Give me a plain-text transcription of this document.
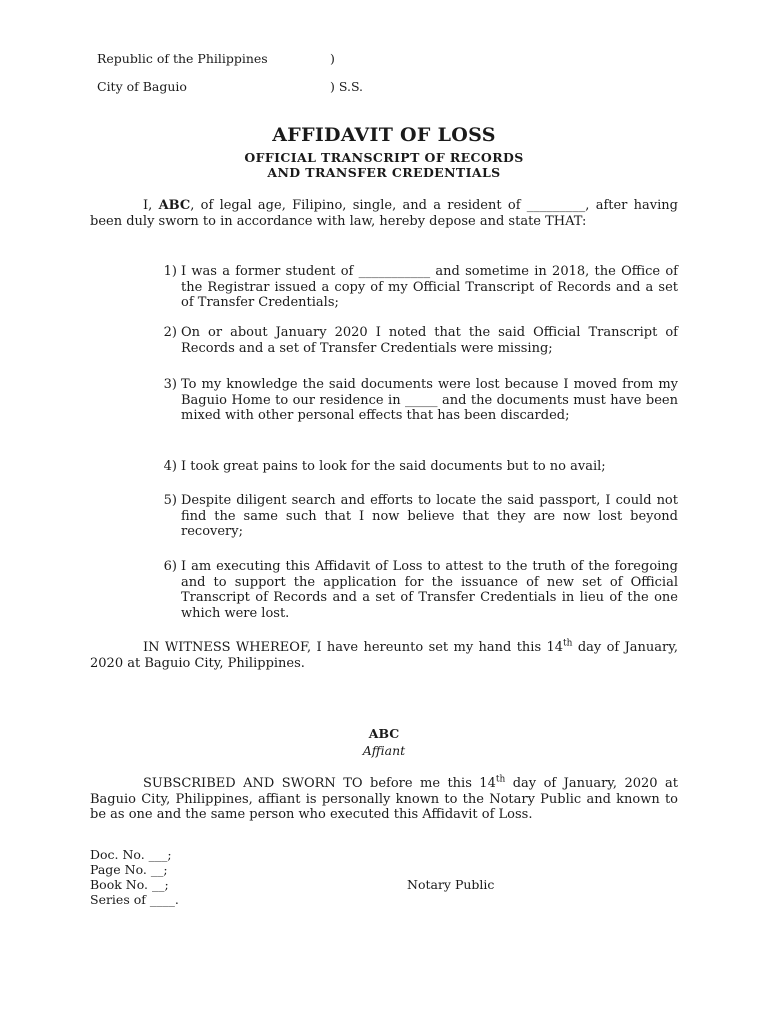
Republic of the Philippines	)
City of Baguio	) S.S.
AFFIDAVIT OF LOSS
OFFICIAL TRANSCRIPT OF RECORDS
AND TRANSFER CREDENTIALS
I, ABC, of legal age, Filipino, single, and a resident of _________, after having been duly sworn to in accordance with law, hereby depose and state THAT:
1) I was a former student of ___________ and sometime in 2018, the Office of the Registrar issued a copy of my Official Transcript of Records and a set of Transfer Credentials;
2) On or about January 2020 I noted that the said Official Transcript of Records and a set of Transfer Credentials were missing;
3) To my knowledge the said documents were lost because I moved from my Baguio Home to our residence in _____ and the documents must have been mixed with other personal effects that has been discarded;
4) I took great pains to look for the said documents but to no avail;
5) Despite diligent search and efforts to locate the said passport, I could not find the same such that I now believe that they are now lost beyond recovery;
6) I am executing this Affidavit of Loss to attest to the truth of the foregoing and to support the application for the issuance of new set of Official Transcript of Records and a set of Transfer Credentials in lieu of the one which were lost.
IN WITNESS WHEREOF, I have hereunto set my hand this 14th day of January, 2020 at Baguio City, Philippines.
ABC
Affiant
SUBSCRIBED AND SWORN TO before me this 14th day of January, 2020 at Baguio City, Philippines, affiant is personally known to the Notary Public and known to be as one and the same person who executed this Affidavit of Loss.
Doc. No. ___;
Page No. __;
Book No. __;
Series of ____.
Notary Public
